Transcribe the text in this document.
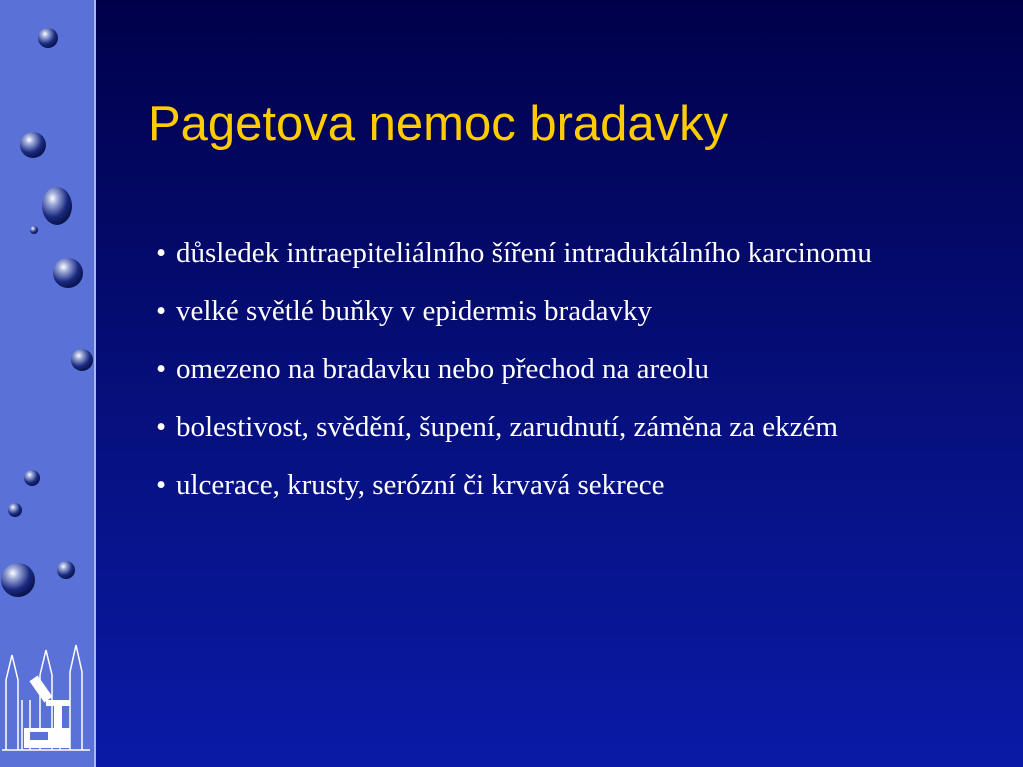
Pagetova nemoc bradavky
• důsledek intraepiteliálního šíření intraduktálního karcinomu
• velké světlé buňky v epidermis bradavky
• omezeno na bradavku nebo přechod na areolu
• bolestivost, svědění, šupení, zarudnutí, záměna za ekzém
• ulcerace, krusty, serózní či krvavá sekrece
